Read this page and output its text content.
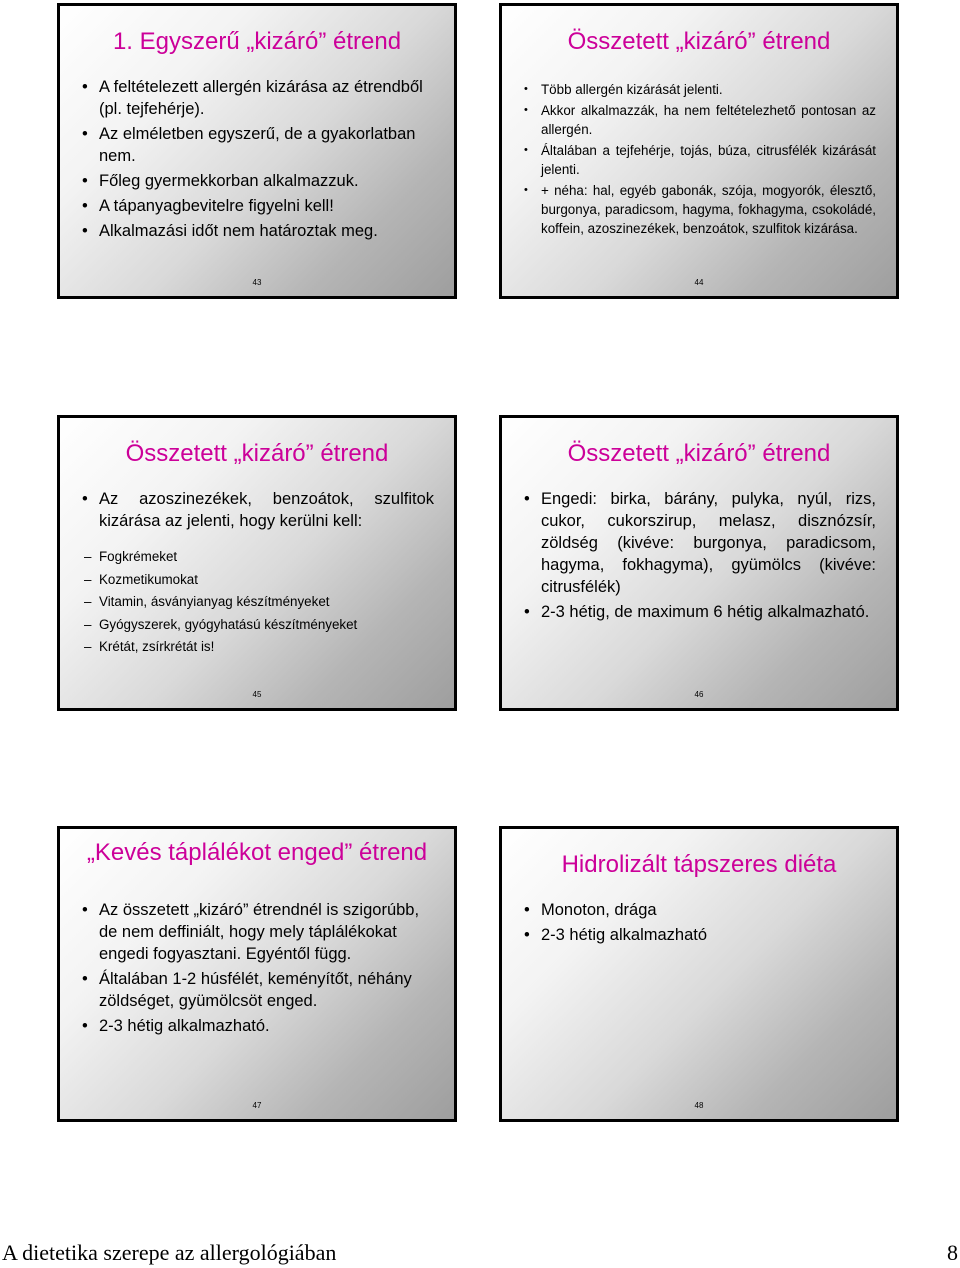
1. Egyszerű „kizáró” étrend
• A feltételezett allergén kizárása az étrendből (pl. tejfehérje).
• Az elméletben egyszerű, de a gyakorlatban nem.
• Főleg gyermekkorban alkalmazzuk.
• A tápanyagbevitelre figyelni kell!
• Alkalmazási időt nem határoztak meg.
43
Összetett „kizáró” étrend
• Több allergén kizárását jelenti.
• Akkor alkalmazzák, ha nem feltételezhető pontosan az allergén.
• Általában a tejfehérje, tojás, búza, citrusfélék kizárását jelenti.
• + néha: hal, egyéb gabonák, szója, mogyorók, élesztő, burgonya, paradicsom, hagyma, fokhagyma, csokoládé, koffein, azoszinezékek, benzoátok, szulfitok kizárása.
44
Összetett „kizáró” étrend
• Az azoszinezékek, benzoátok, szulfitok kizárása az jelenti, hogy kerülni kell:
– Fogkrémeket
– Kozmetikumokat
– Vitamin, ásványianyag készítményeket
– Gyógyszerek, gyógyhatású készítményeket
– Krétát, zsírkrétát is!
45
Összetett „kizáró” étrend
• Engedi: birka, bárány, pulyka, nyúl, rizs, cukor, cukorszirup, melasz, disznózsír, zöldség (kivéve: burgonya, paradicsom, hagyma, fokhagyma), gyümölcs (kivéve: citrusfélék)
• 2-3 hétig, de maximum 6 hétig alkalmazható.
46
„Kevés táplálékot enged” étrend
• Az összetett „kizáró” étrendnél is szigorúbb, de nem deffiniált, hogy mely táplálékokat engedi fogyasztani. Egyéntől függ.
• Általában 1-2 húsfélét, keményítőt, néhány zöldséget, gyümölcsöt enged.
• 2-3 hétig alkalmazható.
47
Hidrolizált tápszeres diéta
• Monoton, drága
• 2-3 hétig alkalmazható
48
A dietetika szerepe az allergológiában	8
